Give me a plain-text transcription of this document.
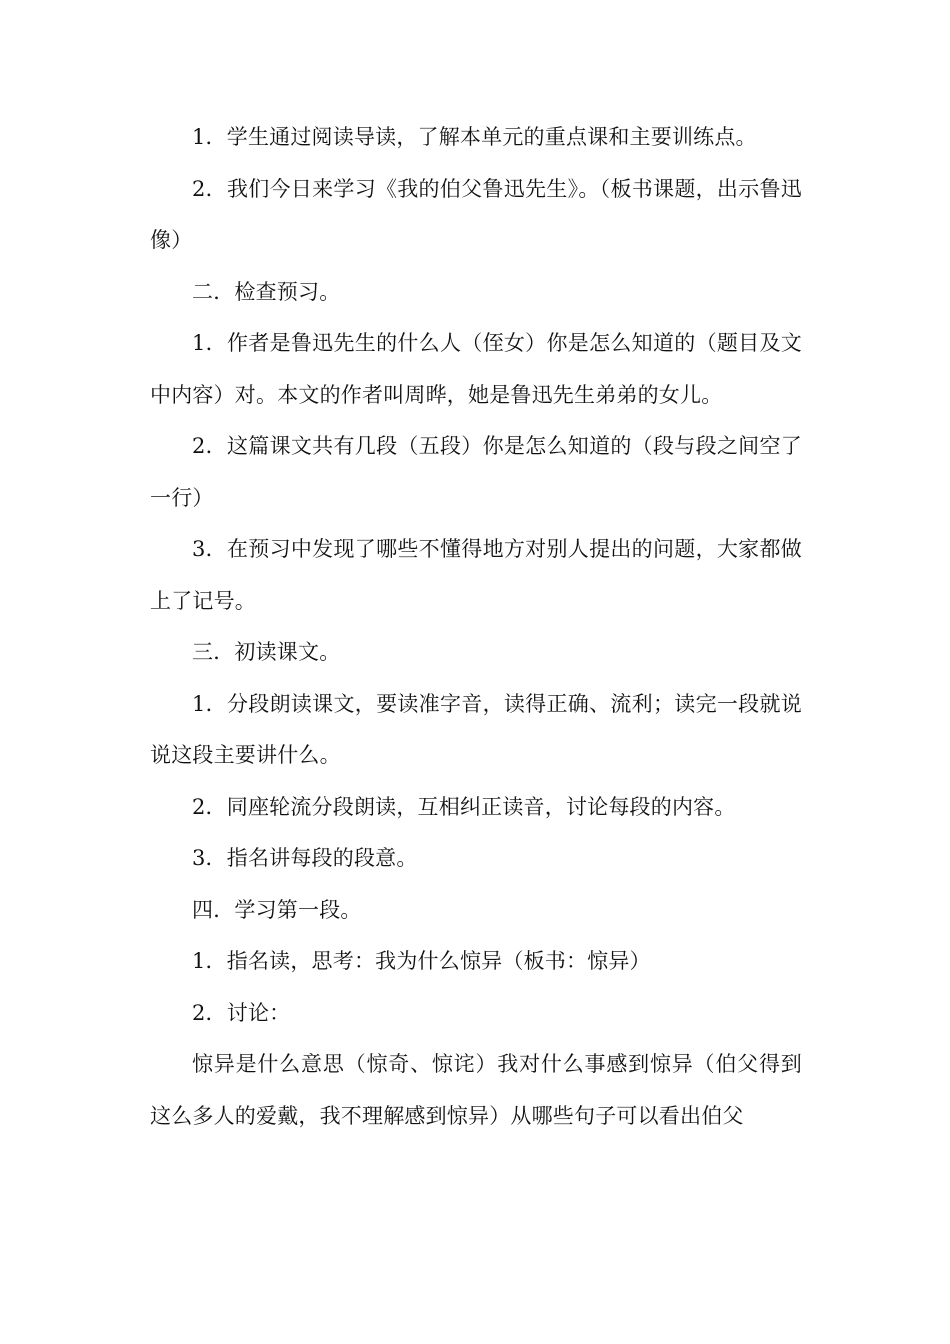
1．学生通过阅读导读，了解本单元的重点课和主要训练点。

2．我们今日来学习《我的伯父鲁迅先生》。（板书课题，出示鲁迅像）

二．检查预习。

1．作者是鲁迅先生的什么人（侄女）你是怎么知道的（题目及文中内容）对。本文的作者叫周晔，她是鲁迅先生弟弟的女儿。

2．这篇课文共有几段（五段）你是怎么知道的（段与段之间空了一行）

3．在预习中发现了哪些不懂得地方对别人提出的问题，大家都做上了记号。

三．初读课文。

1．分段朗读课文，要读准字音，读得正确、流利；读完一段就说说这段主要讲什么。

2．同座轮流分段朗读，互相纠正读音，讨论每段的内容。

3．指名讲每段的段意。

四．学习第一段。

1．指名读，思考：我为什么惊异（板书：惊异）

2．讨论：

惊异是什么意思（惊奇、惊诧）我对什么事感到惊异（伯父得到这么多人的爱戴，我不理解感到惊异）从哪些句子可以看出伯父
